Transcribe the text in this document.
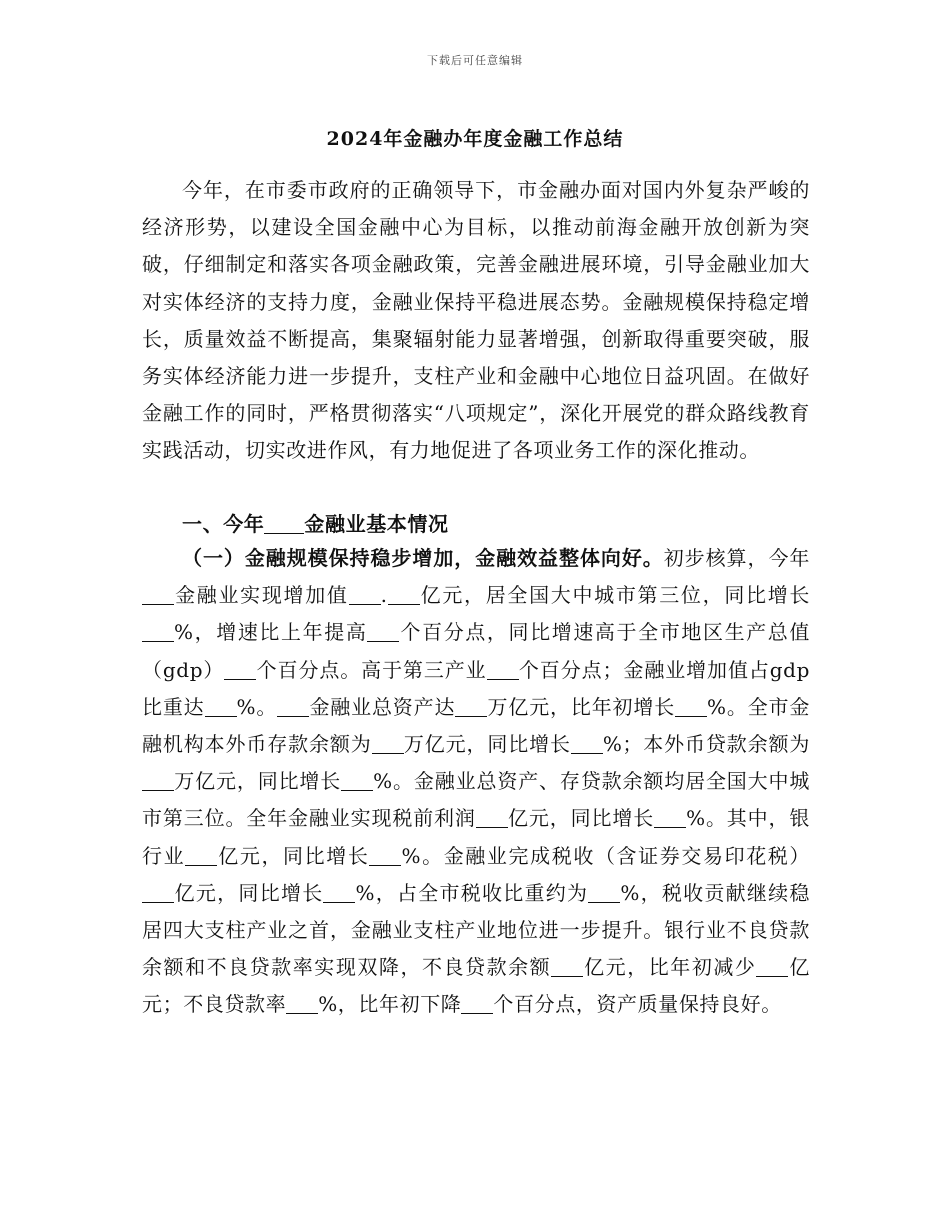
下载后可任意编辑
2024年金融办年度金融工作总结

今年，在市委市政府的正确领导下，市金融办面对国内外复杂严峻的经济形势，以建设全国金融中心为目标，以推动前海金融开放创新为突破，仔细制定和落实各项金融政策，完善金融进展环境，引导金融业加大对实体经济的支持力度，金融业保持平稳进展态势。金融规模保持稳定增长，质量效益不断提高，集聚辐射能力显著增强，创新取得重要突破，服务实体经济能力进一步提升，支柱产业和金融中心地位日益巩固。在做好金融工作的同时，严格贯彻落实“八项规定”，深化开展党的群众路线教育实践活动，切实改进作风，有力地促进了各项业务工作的深化推动。

一、今年 金融业基本情况

（一）金融规模保持稳步增加，金融效益整体向好。初步核算，今年金融业实现增加值 . 亿元，居全国大中城市第三位，同比增长%，增速比上年提高 个百分点，同比增速高于全市地区生产总值（gdp） 个百分点。高于第三产业 个百分点；金融业增加值占gdp比重达 %。 金融业总资产达 万亿元，比年初增长 %。全市金融机构本外币存款余额为 万亿元，同比增长 %；本外币贷款余额为万亿元，同比增长 %。金融业总资产、存贷款余额均居全国大中城市第三位。全年金融业实现税前利润 亿元，同比增长 %。其中，银行业 亿元，同比增长 %。金融业完成税收（含证券交易印花税）亿元，同比增长 %，占全市税收比重约为 %，税收贡献继续稳居四大支柱产业之首，金融业支柱产业地位进一步提升。银行业不良贷款余额和不良贷款率实现双降，不良贷款余额 亿元，比年初减少 亿元；不良贷款率 %，比年初下降 个百分点，资产质量保持良好。
